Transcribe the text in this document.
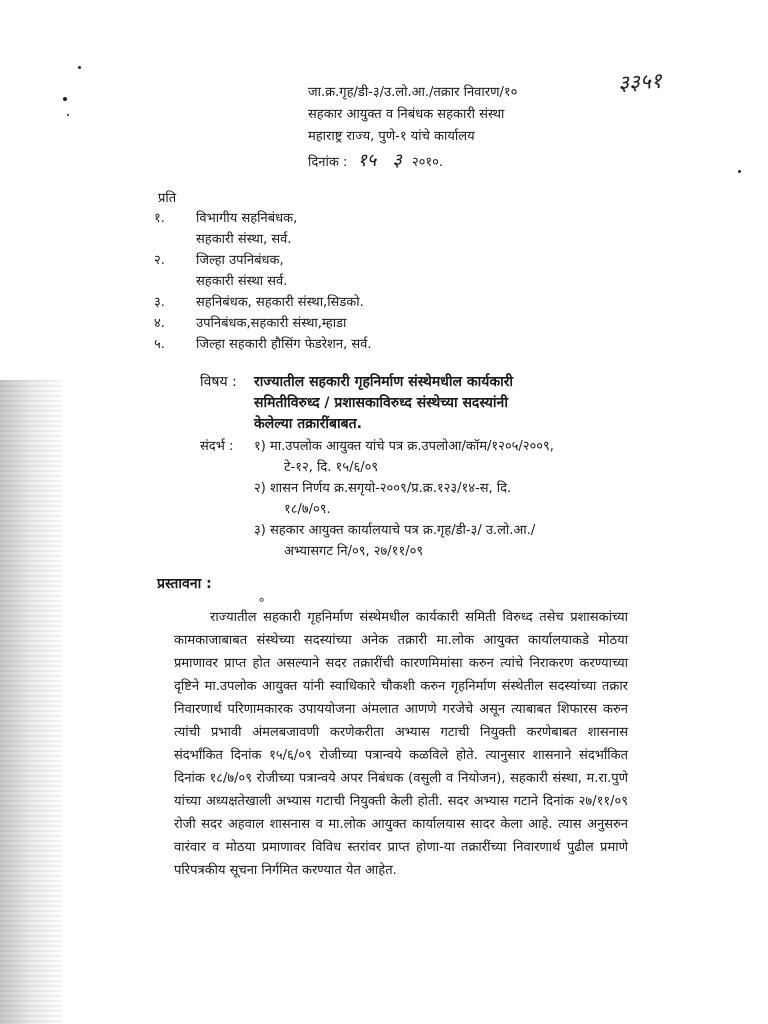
जा.क्र.गृह/डी-३/उ.लो.आ./तक्रार निवारण/१०
सहकार आयुक्त व निबंधक सहकारी संस्था
महाराष्ट्र राज्य, पुणे-१ यांचे कार्यालय
३३५१
दिनांक : १५ ३ २०१०.
प्रति
१.	विभागीय सहनिबंधक,
सहकारी संस्था, सर्व.
२.	जिल्हा उपनिबंधक,
सहकारी संस्था सर्व.
३.	सहनिबंधक, सहकारी संस्था,सिडको.
४.	उपनिबंधक,सहकारी संस्था,म्हाडा
५.	जिल्हा सहकारी हौसिंग फेडरेशन, सर्व.
विषय : राज्यातील सहकारी गृहनिर्माण संस्थेमधील कार्यकारी
समितीविरुध्द / प्रशासकाविरुध्द संस्थेच्या सदस्यांनी
केलेल्या तक्रारींबाबत.
संदर्भ : १) मा.उपलोक आयुक्त यांचे पत्र क्र.उपलोआ/कॉम/१२०५/२००९,
टे-१२, दि. १५/६/०९
२) शासन निर्णय क्र.सगृयो-२००९/प्र.क्र.१२३/१४-स, दि.
१८/७/०९.
३) सहकार आयुक्त कार्यालयाचे पत्र क्र.गृह/डी-३/ उ.लो.आ./
अभ्यासगट नि/०९, २७/११/०९
प्रस्तावना :
०
राज्यातील सहकारी गृहनिर्माण संस्थेमधील कार्यकारी समिती विरुध्द तसेच प्रशासकांच्या कामकाजाबाबत संस्थेच्या सदस्यांच्या अनेक तक्रारी मा.लोक आयुक्त कार्यालयाकडे मोठया प्रमाणावर प्राप्त होत असल्याने सदर तक्रारींची कारणमिमांसा करुन त्यांचे निराकरण करण्याच्या दृष्टिने मा.उपलोक आयुक्त यांनी स्वाधिकारे चौकशी करुन गृहनिर्माण संस्थेतील सदस्यांच्या तक्रार निवारणार्थ परिणामकारक उपाययोजना अंमलात आणणे गरजेचे असून त्याबाबत शिफारस करुन त्यांची प्रभावी अंमलबजावणी करणेकरीता अभ्यास गटाची नियुक्ती करणेबाबत शासनास संदर्भांकित दिनांक १५/६/०९ रोजीच्या पत्रान्वये कळविले होते. त्यानुसार शासनाने संदर्भांकित दिनांक १८/७/०९ रोजीच्या पत्रान्वये अपर निबंधक (वसुली व नियोजन), सहकारी संस्था, म.रा.पुणे यांच्या अध्यक्षतेखाली अभ्यास गटाची नियुक्ती केली होती. सदर अभ्यास गटाने दिनांक २७/११/०९ रोजी सदर अहवाल शासनास व मा.लोक आयुक्त कार्यालयास सादर केला आहे. त्यास अनुसरुन वारंवार व मोठया प्रमाणावर विविध स्तरांवर प्राप्त होणा-या तक्रारींच्या निवारणार्थ पुढील प्रमाणे परिपत्रकीय सूचना निर्गमित करण्यात येत आहेत.
